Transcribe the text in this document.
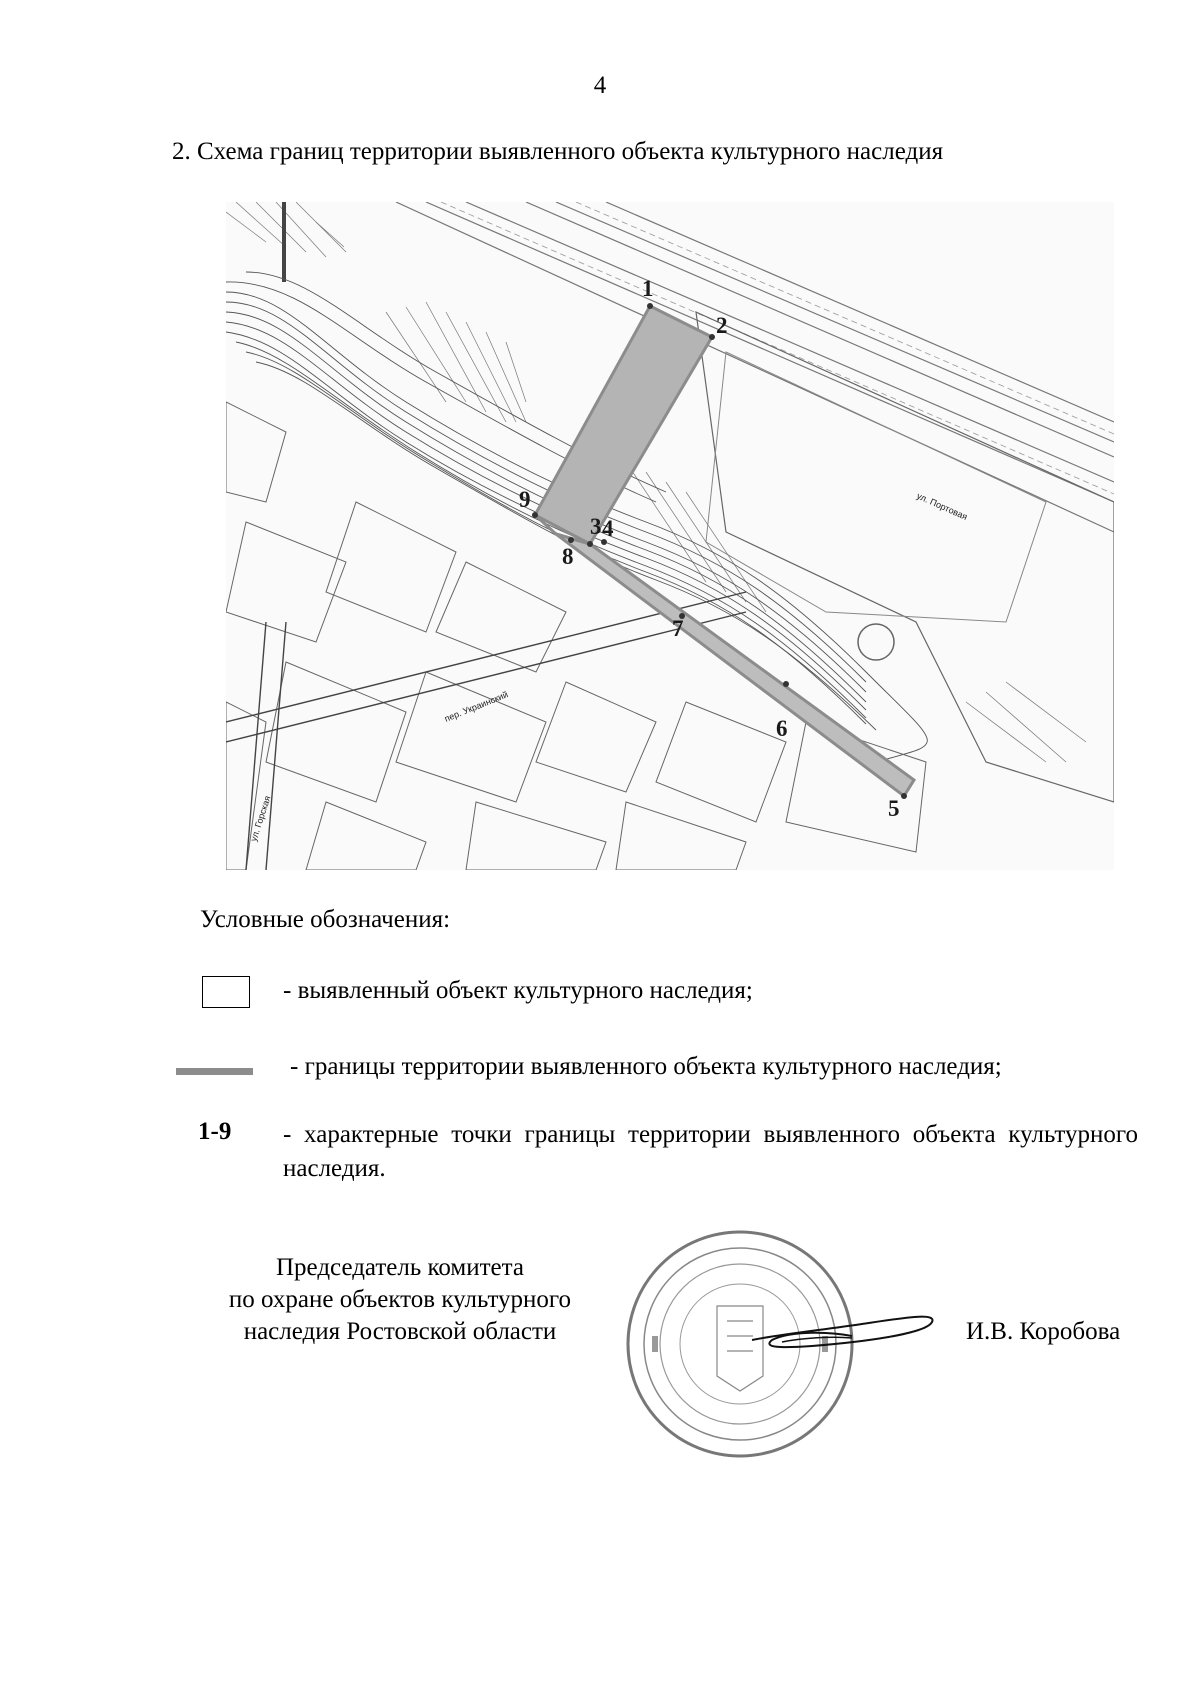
4
2. Схема границ территории выявленного объекта культурного наследия
пер. Украинский
ул. Горская
ул. Портовая
1
2
3 4
5
6
7
8
9
Условные обозначения:
- выявленный объект культурного наследия;
- границы территории выявленного объекта культурного наследия;
1-9 - характерные точки границы территории выявленного объекта культурного наследия.
Председатель комитета
по охране объектов культурного
наследия Ростовской области	И.В. Коробова
